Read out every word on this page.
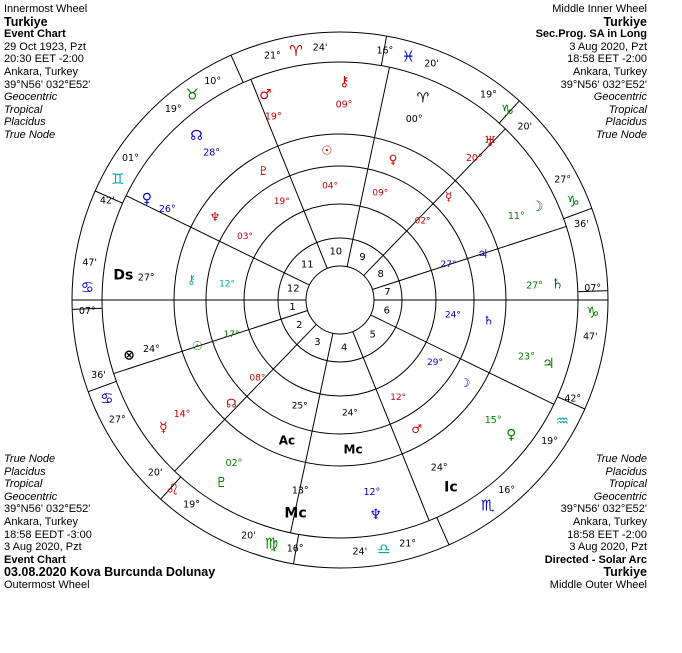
Innermost Wheel
Turkiye
Event Chart
29 Oct 1923, Pzt
20:30 EET -2:00
Ankara, Turkey
39°N56' 032°E52'
Geocentric
Tropical
Placidus
True Node
Middle Inner Wheel
Turkiye
Sec.Prog. SA in Long
3 Aug 2020, Pzt
18:58 EET -2:00
Ankara, Turkey
39°N56' 032°E52'
Geocentric
Tropical
Placidus
True Node
True Node
Placidus
Tropical
Geocentric
39°N56' 032°E52'
Ankara, Turkey
18:58 EEDT -3:00
3 Aug 2020, Pzt
Event Chart
03.08.2020 Kova Burcunda Dolunay
Outermost Wheel
True Node
Placidus
Tropical
Geocentric
39°N56' 032°E52'
Ankara, Turkey
18:58 EET -2:00
3 Aug 2020, Pzt
Directed - Solar Arc
Turkiye
Middle Outer Wheel
1
2
3 4
5
6
7
8
9
10
11
12
♈
21°
24'	♓
16°
20'
♑
19°
20'
♑
27°
36'
♑
07°
47'
♒
42°
19°
♏
16°
♎ 21°
24'
♍ 16°
20'
♌
19°
20'
♋
27°
36'
♋
07°
47'
♊
42'
01°
♉
19°
10°
♂
19°
⚷
09°	♈
00°
♅
20°
☽
11°
♄
27°
♃
23°
♀
15°
Ic
24°
♆
12°
Mc
13°
♇
02°
☿
14°
⊗ 24°
Ds 27°
♀
26°
☊
28°	☉
04°
♀
09°	☿
02°
♃
27°
♄
24°
☽
29°
♂
12°
Mc
24°
Ac
25°
☊
08°
☉
17°
⚷	12°
♆
03°
♇
19°
